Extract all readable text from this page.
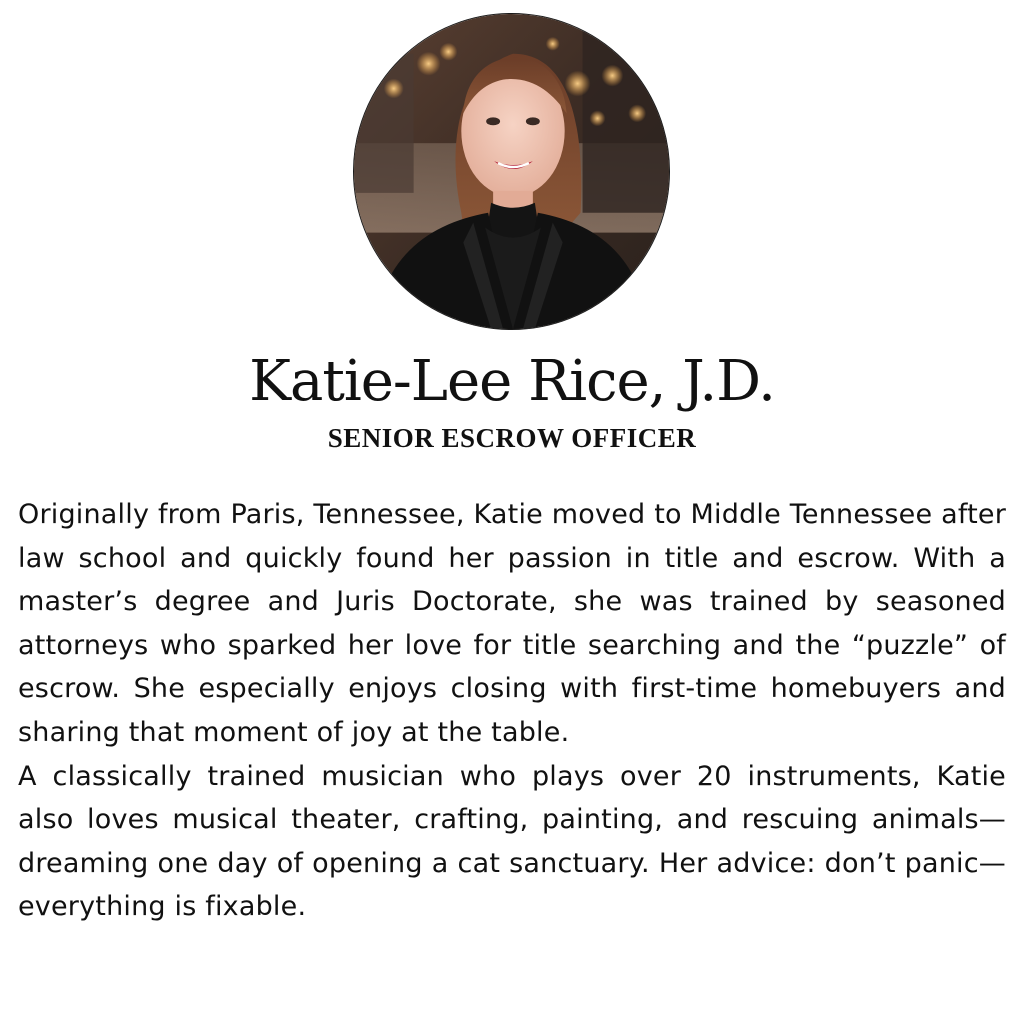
Katie-Lee Rice, J.D.
SENIOR ESCROW OFFICER

Originally from Paris, Tennessee, Katie moved to Middle Tennessee after law school and quickly found her passion in title and escrow. With a master’s degree and Juris Doctorate, she was trained by seasoned attorneys who sparked her love for title searching and the “puzzle” of escrow. She especially enjoys closing with first-time homebuyers and sharing that moment of joy at the table.

A classically trained musician who plays over 20 instruments, Katie also loves musical theater, crafting, painting, and rescuing animals—dreaming one day of opening a cat sanctuary. Her advice: don’t panic—everything is fixable.
